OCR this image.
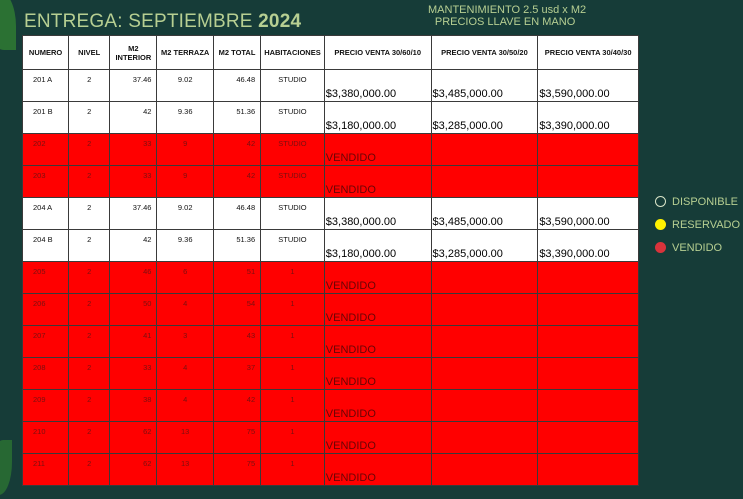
ENTREGA: SEPTIEMBRE 2024
MANTENIMIENTO 2.5 usd x M2
PRECIOS LLAVE EN MANO
NUMERO	NIVEL	M2 INTERIOR	M2 TERRAZA	M2 TOTAL	HABITACIONES	PRECIO VENTA 30/60/10	PRECIO VENTA 30/50/20	PRECIO VENTA 30/40/30
201 A	2	37.46	9.02	46.48	STUDIO	$3,380,000.00	$3,485,000.00	$3,590,000.00
201 B	2	42	9.36	51.36	STUDIO	$3,180,000.00	$3,285,000.00	$3,390,000.00
202	2	33	9	42	STUDIO	VENDIDO		
203	2	33	9	42	STUDIO	VENDIDO		
204 A	2	37.46	9.02	46.48	STUDIO	$3,380,000.00	$3,485,000.00	$3,590,000.00
204 B	2	42	9.36	51.36	STUDIO	$3,180,000.00	$3,285,000.00	$3,390,000.00
205	2	46	6	51	1	VENDIDO		
206	2	50	4	54	1	VENDIDO		
207	2	41	3	43	1	VENDIDO		
208	2	33	4	37	1	VENDIDO		
209	2	38	4	42	1	VENDIDO		
210	2	62	13	75	1	VENDIDO		
211	2	62	13	75	1	VENDIDO		
DISPONIBLE
RESERVADO
VENDIDO
